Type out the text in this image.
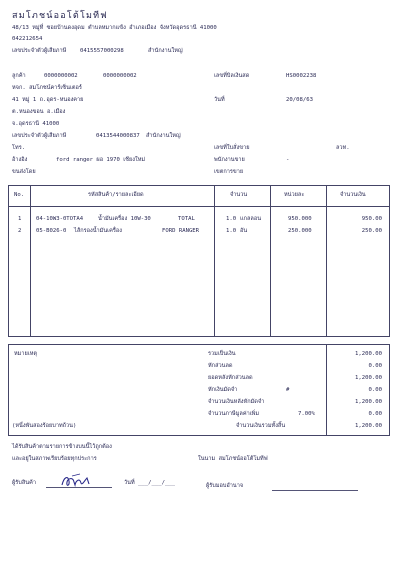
สมโภชน์ออโต้โมทีฟ
48/13 หมู่ที่ ซอยบ้านดงอุดม ตำบลหมากแข้ง อำเภอเมือง จังหวัดอุดรธานี 41000
042212654
เลขประจำตัวผู้เสียภาษี 0415557000298	สำนักงานใหญ่
ลูกค้า	0000000002	0000000002
หจก. สมโภชน์คาร์เซ็นเตอร์
41 หมู่ 1 ถ.อุดร-หนองคาย
ต.หนองขอน อ.เมือง
จ.อุดรธานี 41000
เลขประจำตัวผู้เสียภาษี	0413544000837 สำนักงานใหญ่
โทร.
อ้างอิง	ford ranger ผอ 1970 เชียงใหม่
ขนส่งโดย
เลขที่บิลเงินสด	HS0002238
วันที่	20/08/63
เลขที่ใบสั่งขาย	ลวท.
พนักงานขาย	-
เขตการขาย
No.	รหัสสินค้า/รายละเอียด	จำนวน	หน่วยละ	จำนวนเงิน
1	04-10W3-0TOTA4	น้ำมันเครื่อง 10W-30	TOTAL	1.0 แกลลอน	950.000	950.00
2	05-B026-0 ไส้กรองน้ำมันเครื่อง	FORD RANGER	1.0 อัน	250.000	250.00
หมายเหตุ
(หนึ่งพันสองร้อยบาทถ้วน)
รวมเป็นเงิน	1,200.00
หักส่วนลด	0.00
ยอดหลังหักส่วนลด	1,200.00
หักเงินมัดจำ	#	0.00
จำนวนเงินหลังหักมัดจำ	1,200.00
จำนวนภาษีมูลค่าเพิ่ม	7.00%	0.00
จำนวนเงินรวมทั้งสิ้น	1,200.00
ได้รับสินค้าตามรายการข้างบนนี้ไว้ถูกต้อง
และอยู่ในสภาพเรียบร้อยทุกประการ	ในนาม สมโภชน์ออโต้โมทีฟ
ผู้รับสินค้า	วันที่ ___/___/___	ผู้รับมอบอำนาจ
